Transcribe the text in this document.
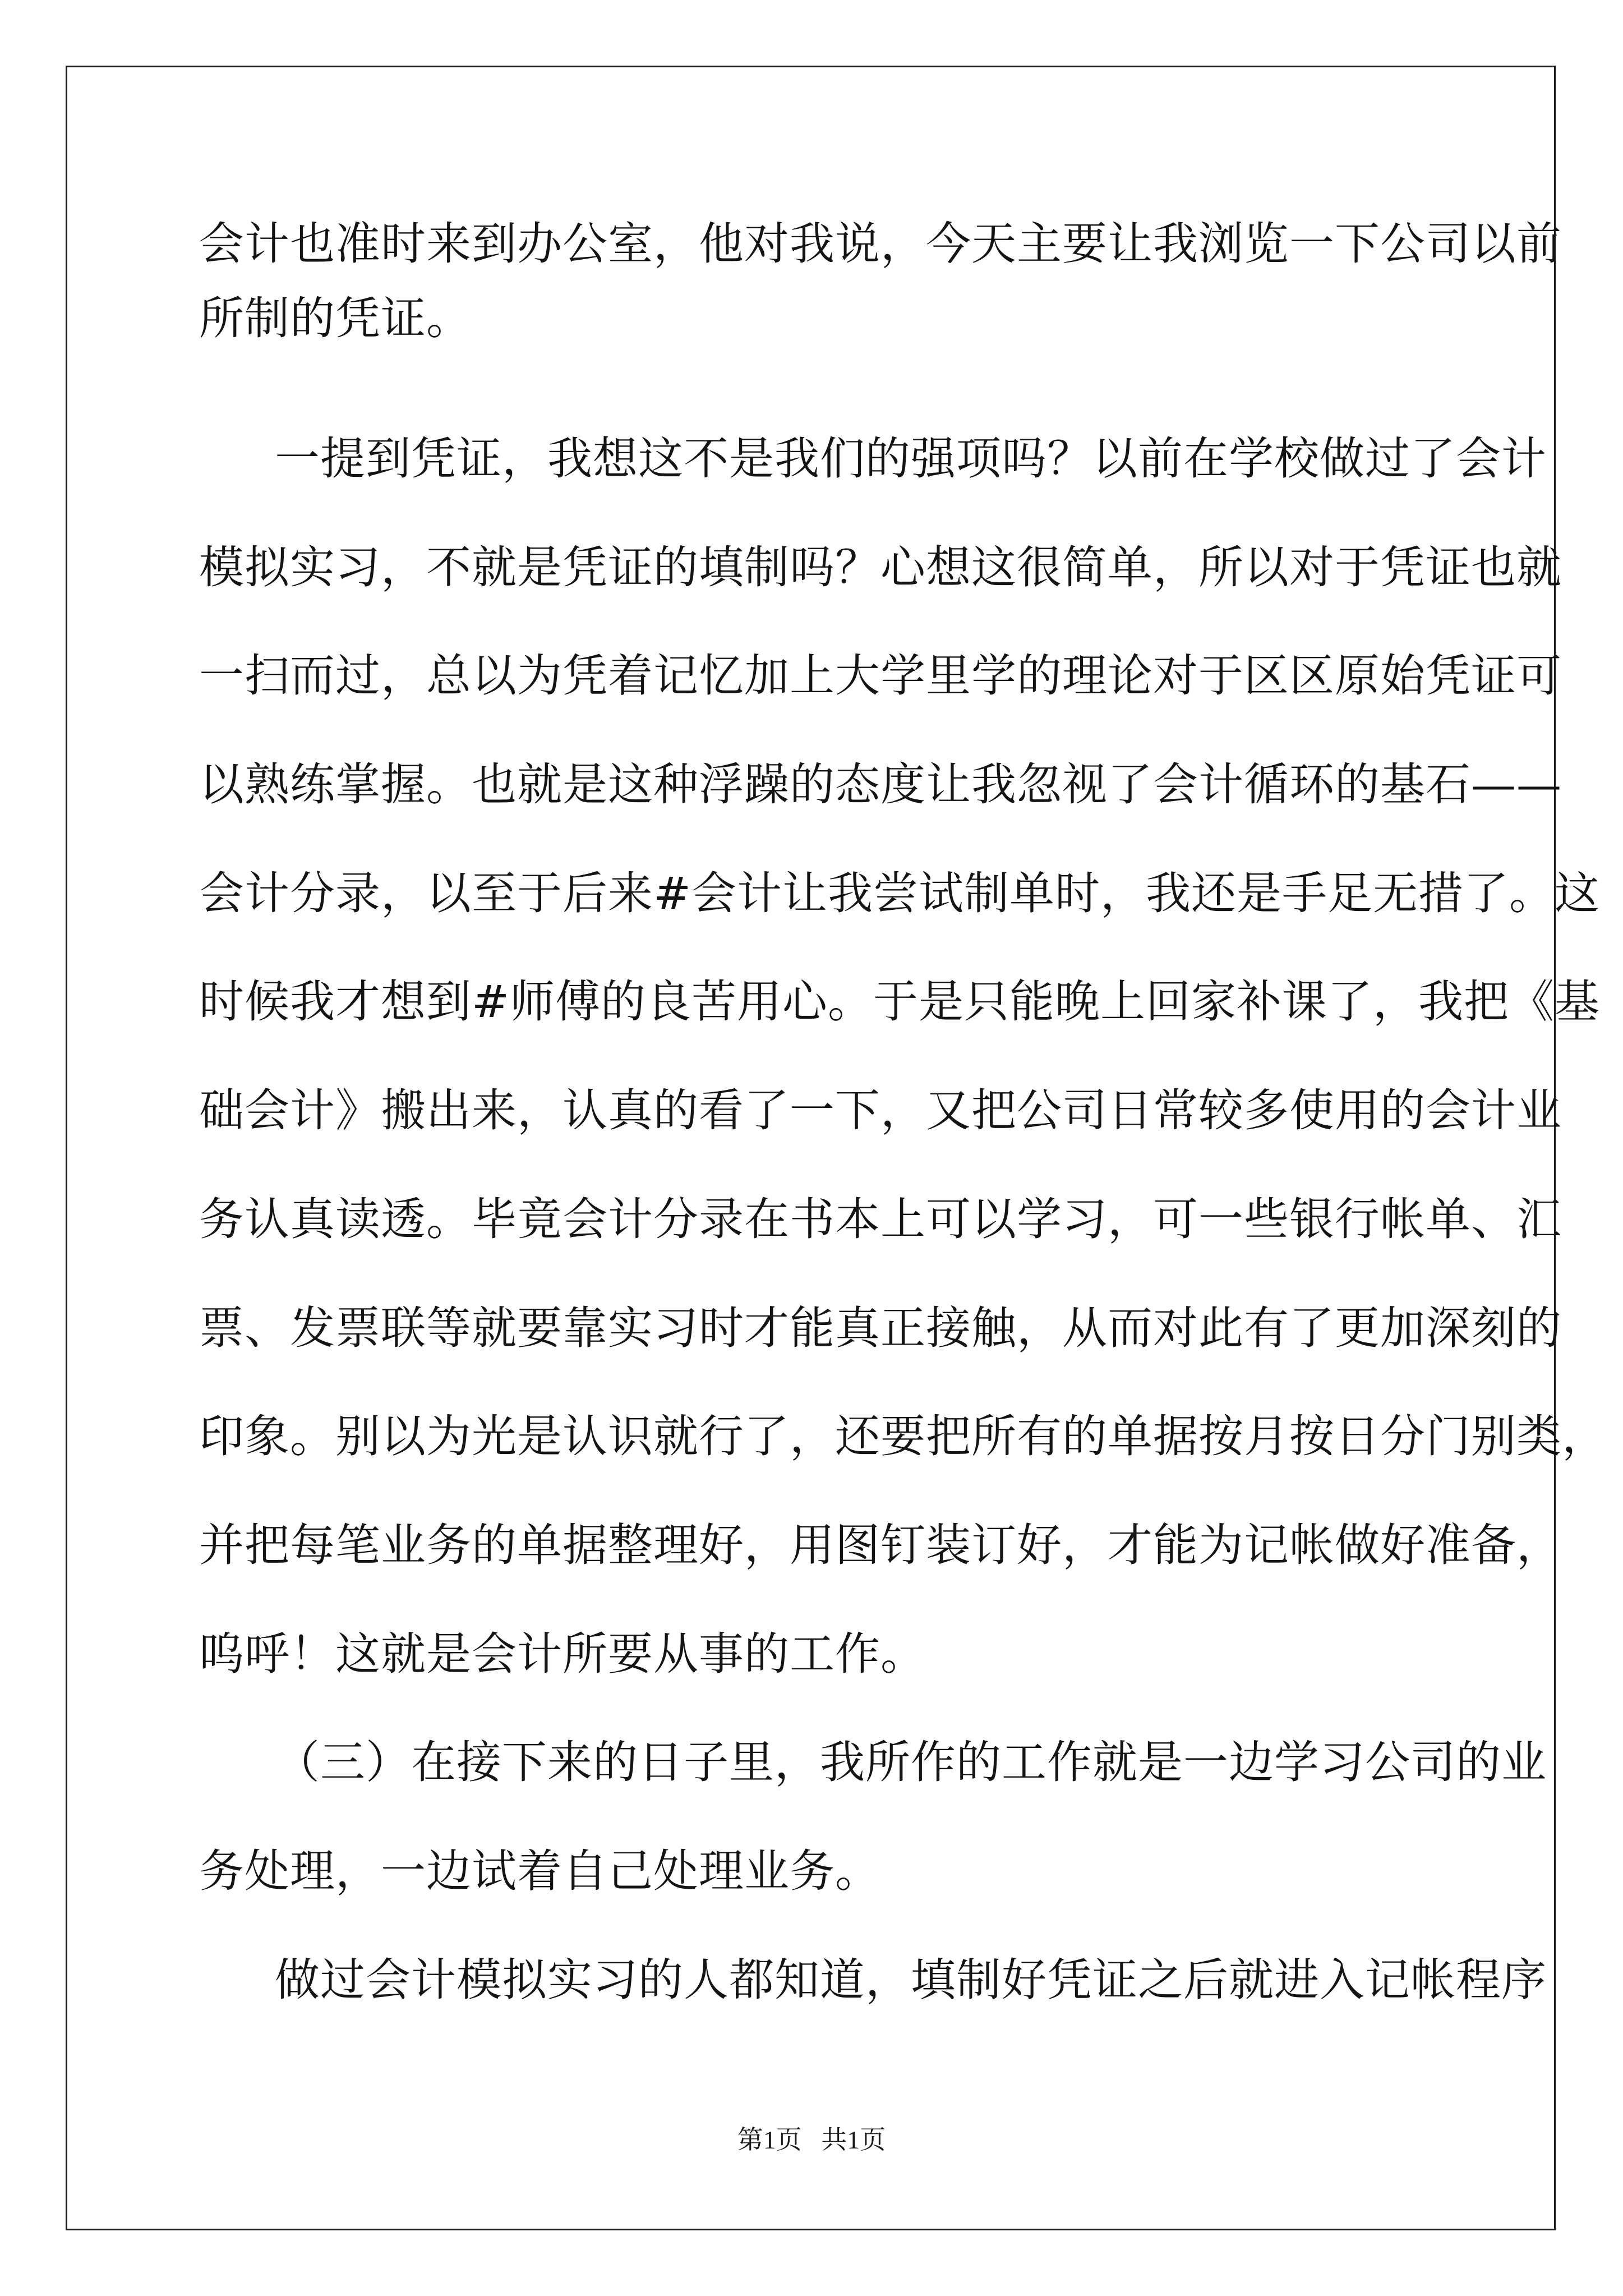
会计也准时来到办公室，他对我说，今天主要让我浏览一下公司以前
所制的凭证。
一提到凭证，我想这不是我们的强项吗？以前在学校做过了会计
模拟实习，不就是凭证的填制吗？心想这很简单，所以对于凭证也就
一扫而过，总以为凭着记忆加上大学里学的理论对于区区原始凭证可
以熟练掌握。也就是这种浮躁的态度让我忽视了会计循环的基石——
会计分录，以至于后来#会计让我尝试制单时，我还是手足无措了。这
时候我才想到#师傅的良苦用心。于是只能晚上回家补课了，我把《基
础会计》搬出来，认真的看了一下，又把公司日常较多使用的会计业
务认真读透。毕竟会计分录在书本上可以学习，可一些银行帐单、汇
票、发票联等就要靠实习时才能真正接触，从而对此有了更加深刻的
印象。别以为光是认识就行了，还要把所有的单据按月按日分门别类，
并把每笔业务的单据整理好，用图钉装订好，才能为记帐做好准备，
呜呼！这就是会计所要从事的工作。
（三）在接下来的日子里，我所作的工作就是一边学习公司的业
务处理，一边试着自己处理业务。
做过会计模拟实习的人都知道，填制好凭证之后就进入记帐程序
第1页   共1页
